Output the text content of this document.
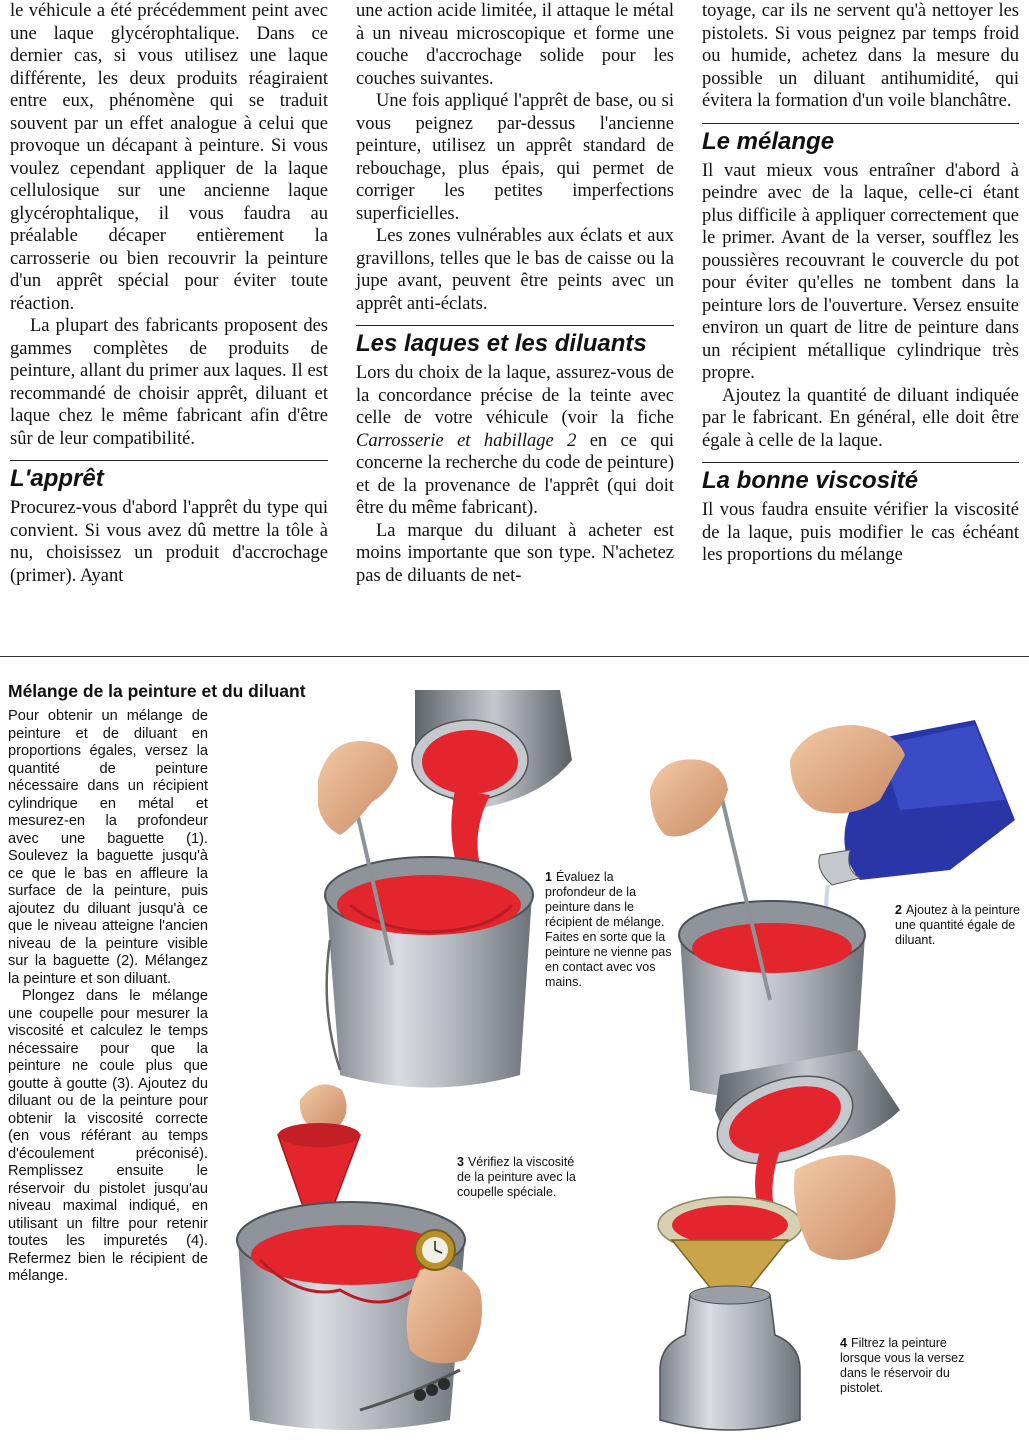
le véhicule a été précédemment peint avec une laque glycérophtalique. Dans ce dernier cas, si vous utilisez une laque différente, les deux produits réagiraient entre eux, phénomène qui se traduit souvent par un effet analogue à celui que provoque un décapant à peinture. Si vous voulez cependant appliquer de la laque cellulosique sur une ancienne laque glycérophtalique, il vous faudra au préalable décaper entièrement la carrosserie ou bien recouvrir la peinture d'un apprêt spécial pour éviter toute réaction.

La plupart des fabricants proposent des gammes complètes de produits de peinture, allant du primer aux laques. Il est recommandé de choisir apprêt, diluant et laque chez le même fabricant afin d'être sûr de leur compatibilité.

L'apprêt

Procurez-vous d'abord l'apprêt du type qui convient. Si vous avez dû mettre la tôle à nu, choisissez un produit d'accrochage (primer). Ayant

une action acide limitée, il attaque le métal à un niveau microscopique et forme une couche d'accrochage solide pour les couches suivantes.

Une fois appliqué l'apprêt de base, ou si vous peignez par-dessus l'ancienne peinture, utilisez un apprêt standard de rebouchage, plus épais, qui permet de corriger les petites imperfections superficielles.

Les zones vulnérables aux éclats et aux gravillons, telles que le bas de caisse ou la jupe avant, peuvent être peints avec un apprêt anti-éclats.

Les laques et les diluants

Lors du choix de la laque, assurez-vous de la concordance précise de la teinte avec celle de votre véhicule (voir la fiche Carrosserie et habillage 2 en ce qui concerne la recherche du code de peinture) et de la provenance de l'apprêt (qui doit être du même fabricant).

La marque du diluant à acheter est moins importante que son type. N'achetez pas de diluants de net-

toyage, car ils ne servent qu'à nettoyer les pistolets. Si vous peignez par temps froid ou humide, achetez dans la mesure du possible un diluant antihumidité, qui évitera la formation d'un voile blanchâtre.

Le mélange

Il vaut mieux vous entraîner d'abord à peindre avec de la laque, celle-ci étant plus difficile à appliquer correctement que le primer. Avant de la verser, soufflez les poussières recouvrant le couvercle du pot pour éviter qu'elles ne tombent dans la peinture lors de l'ouverture. Versez ensuite environ un quart de litre de peinture dans un récipient métallique cylindrique très propre.

Ajoutez la quantité de diluant indiquée par le fabricant. En général, elle doit être égale à celle de la laque.

La bonne viscosité

Il vous faudra ensuite vérifier la viscosité de la laque, puis modifier le cas échéant les proportions du mélange

Mélange de la peinture et du diluant

Pour obtenir un mélange de peinture et de diluant en proportions égales, versez la quantité de peinture nécessaire dans un récipient cylindrique en métal et mesurez-en la profondeur avec une baguette (1). Soulevez la baguette jusqu'à ce que le bas en affleure la surface de la peinture, puis ajoutez du diluant jusqu'à ce que le niveau atteigne l'ancien niveau de la peinture visible sur la baguette (2). Mélangez la peinture et son diluant.

Plongez dans le mélange une coupelle pour mesurer la viscosité et calculez le temps nécessaire pour que la peinture ne coule plus que goutte à goutte (3). Ajoutez du diluant ou de la peinture pour obtenir la viscosité correcte (en vous référant au temps d'écoulement préconisé). Remplissez ensuite le réservoir du pistolet jusqu'au niveau maximal indiqué, en utilisant un filtre pour retenir toutes les impuretés (4). Refermez bien le récipient de mélange.

1 Évaluez la profondeur de la peinture dans le récipient de mélange. Faites en sorte que la peinture ne vienne pas en contact avec vos mains.
2 Ajoutez à la peinture une quantité égale de diluant.
3 Vérifiez la viscosité de la peinture avec la coupelle spéciale.
4 Filtrez la peinture lorsque vous la versez dans le réservoir du pistolet.
